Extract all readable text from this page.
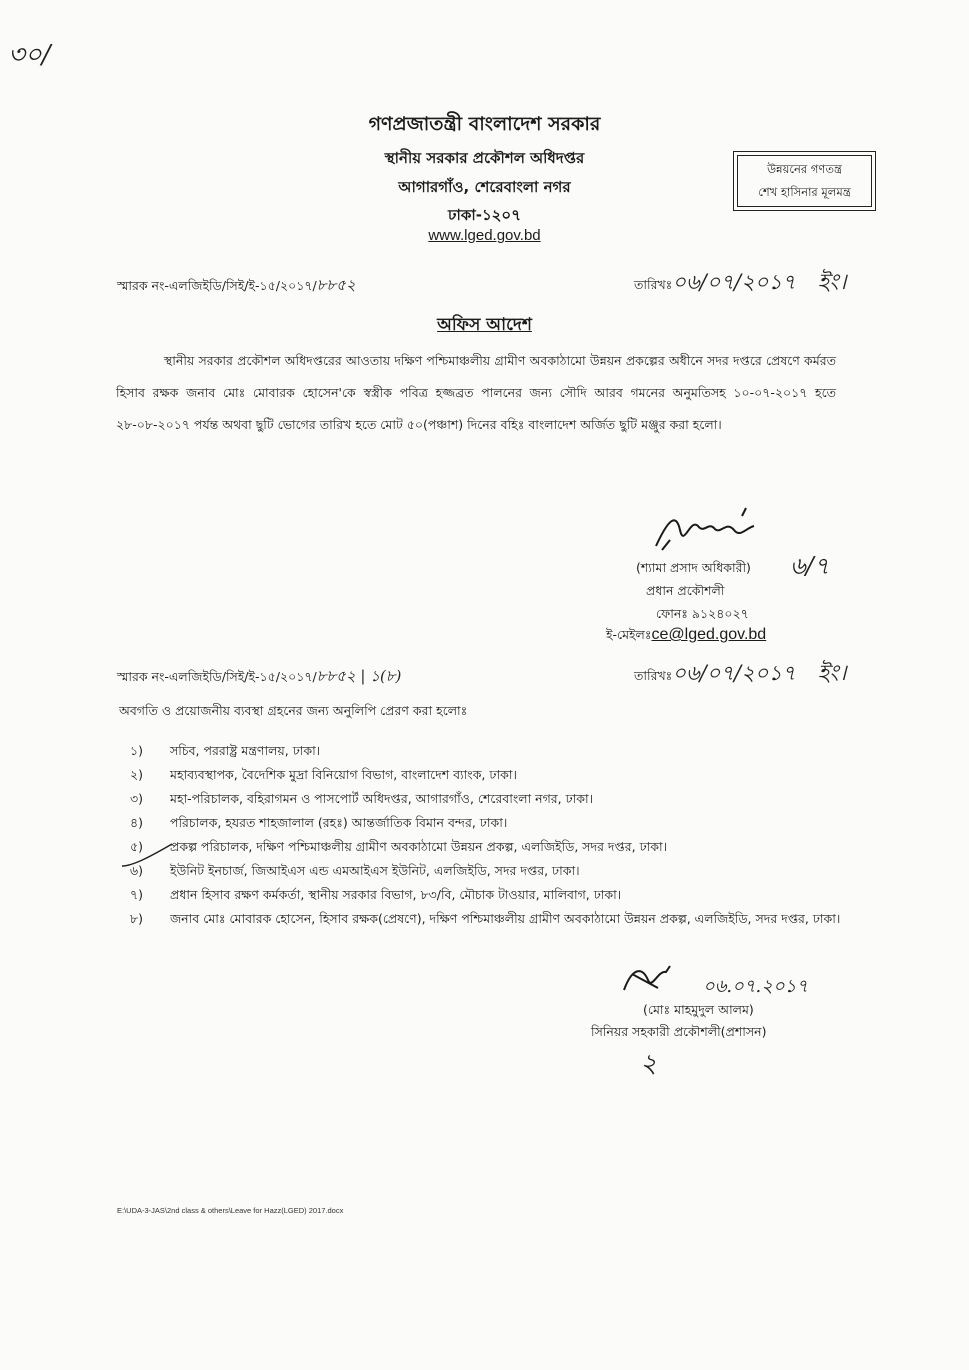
৩০/
গণপ্রজাতন্ত্রী বাংলাদেশ সরকার
স্থানীয় সরকার প্রকৌশল অধিদপ্তর
আগারগাঁও, শেরেবাংলা নগর
ঢাকা-১২০৭
www.lged.gov.bd
উন্নয়নের গণতন্ত্র
শেখ হাসিনার মূলমন্ত্র
স্মারক নং-এলজিইডি/সিই/ই-১৫/২০১৭/৮৮৫২	তারিখঃ০৬/০৭/২০১৭ ইং।
অফিস আদেশ
স্থানীয় সরকার প্রকৌশল অধিদপ্তরের আওতায় দক্ষিণ পশ্চিমাঞ্চলীয় গ্রামীণ অবকাঠামো উন্নয়ন প্রকল্পের অধীনে সদর দপ্তরে প্রেষণে কর্মরত হিসাব রক্ষক জনাব মোঃ মোবারক হোসেন'কে স্বস্ত্রীক পবিত্র হজ্জব্রত পালনের জন্য সৌদি আরব গমনের অনুমতিসহ ১০-০৭-২০১৭ হতে ২৮-০৮-২০১৭ পর্যন্ত অথবা ছুটি ভোগের তারিখ হতে মোট ৫০(পঞ্চাশ) দিনের বহিঃ বাংলাদেশ অর্জিত ছুটি মঞ্জুর করা হলো।
৬/৭
(শ্যামা প্রসাদ অধিকারী)
প্রধান প্রকৌশলী
ফোনঃ ৯১২৪০২৭
ই-মেইলঃce@lged.gov.bd
স্মারক নং-এলজিইডি/সিই/ই-১৫/২০১৭/৮৮৫২ | ১(৮)	তারিখঃ০৬/০৭/২০১৭ ইং।
অবগতি ও প্রয়োজনীয় ব্যবস্থা গ্রহনের জন্য অনুলিপি প্রেরণ করা হলোঃ
১)	সচিব, পররাষ্ট্র মন্ত্রণালয়, ঢাকা।
২)	মহাব্যবস্থাপক, বৈদেশিক মুদ্রা বিনিয়োগ বিভাগ, বাংলাদেশ ব্যাংক, ঢাকা।
৩)	মহা-পরিচালক, বহিরাগমন ও পাসপোর্ট অধিদপ্তর, আগারগাঁও, শেরেবাংলা নগর, ঢাকা।
৪)	পরিচালক, হযরত শাহজালাল (রহঃ) আন্তর্জাতিক বিমান বন্দর, ঢাকা।
৫)	প্রকল্প পরিচালক, দক্ষিণ পশ্চিমাঞ্চলীয় গ্রামীণ অবকাঠামো উন্নয়ন প্রকল্প, এলজিইডি, সদর দপ্তর, ঢাকা।
৬)	ইউনিট ইনচার্জ, জিআইএস এন্ড এমআইএস ইউনিট, এলজিইডি, সদর দপ্তর, ঢাকা।
৭)	প্রধান হিসাব রক্ষণ কর্মকর্তা, স্থানীয় সরকার বিভাগ, ৮৩/বি, মৌচাক টাওয়ার, মালিবাগ, ঢাকা।
৮)	জনাব মোঃ মোবারক হোসেন, হিসাব রক্ষক(প্রেষণে), দক্ষিণ পশ্চিমাঞ্চলীয় গ্রামীণ অবকাঠামো উন্নয়ন প্রকল্প, এলজিইডি, সদর দপ্তর, ঢাকা।
০৬.০৭.২০১৭
(মোঃ মাহমুদুল আলম)
সিনিয়র সহকারী প্রকৌশলী(প্রশাসন)
২
E:\UDA-3-JAS\2nd class & others\Leave for Hazz(LGED) 2017.docx
